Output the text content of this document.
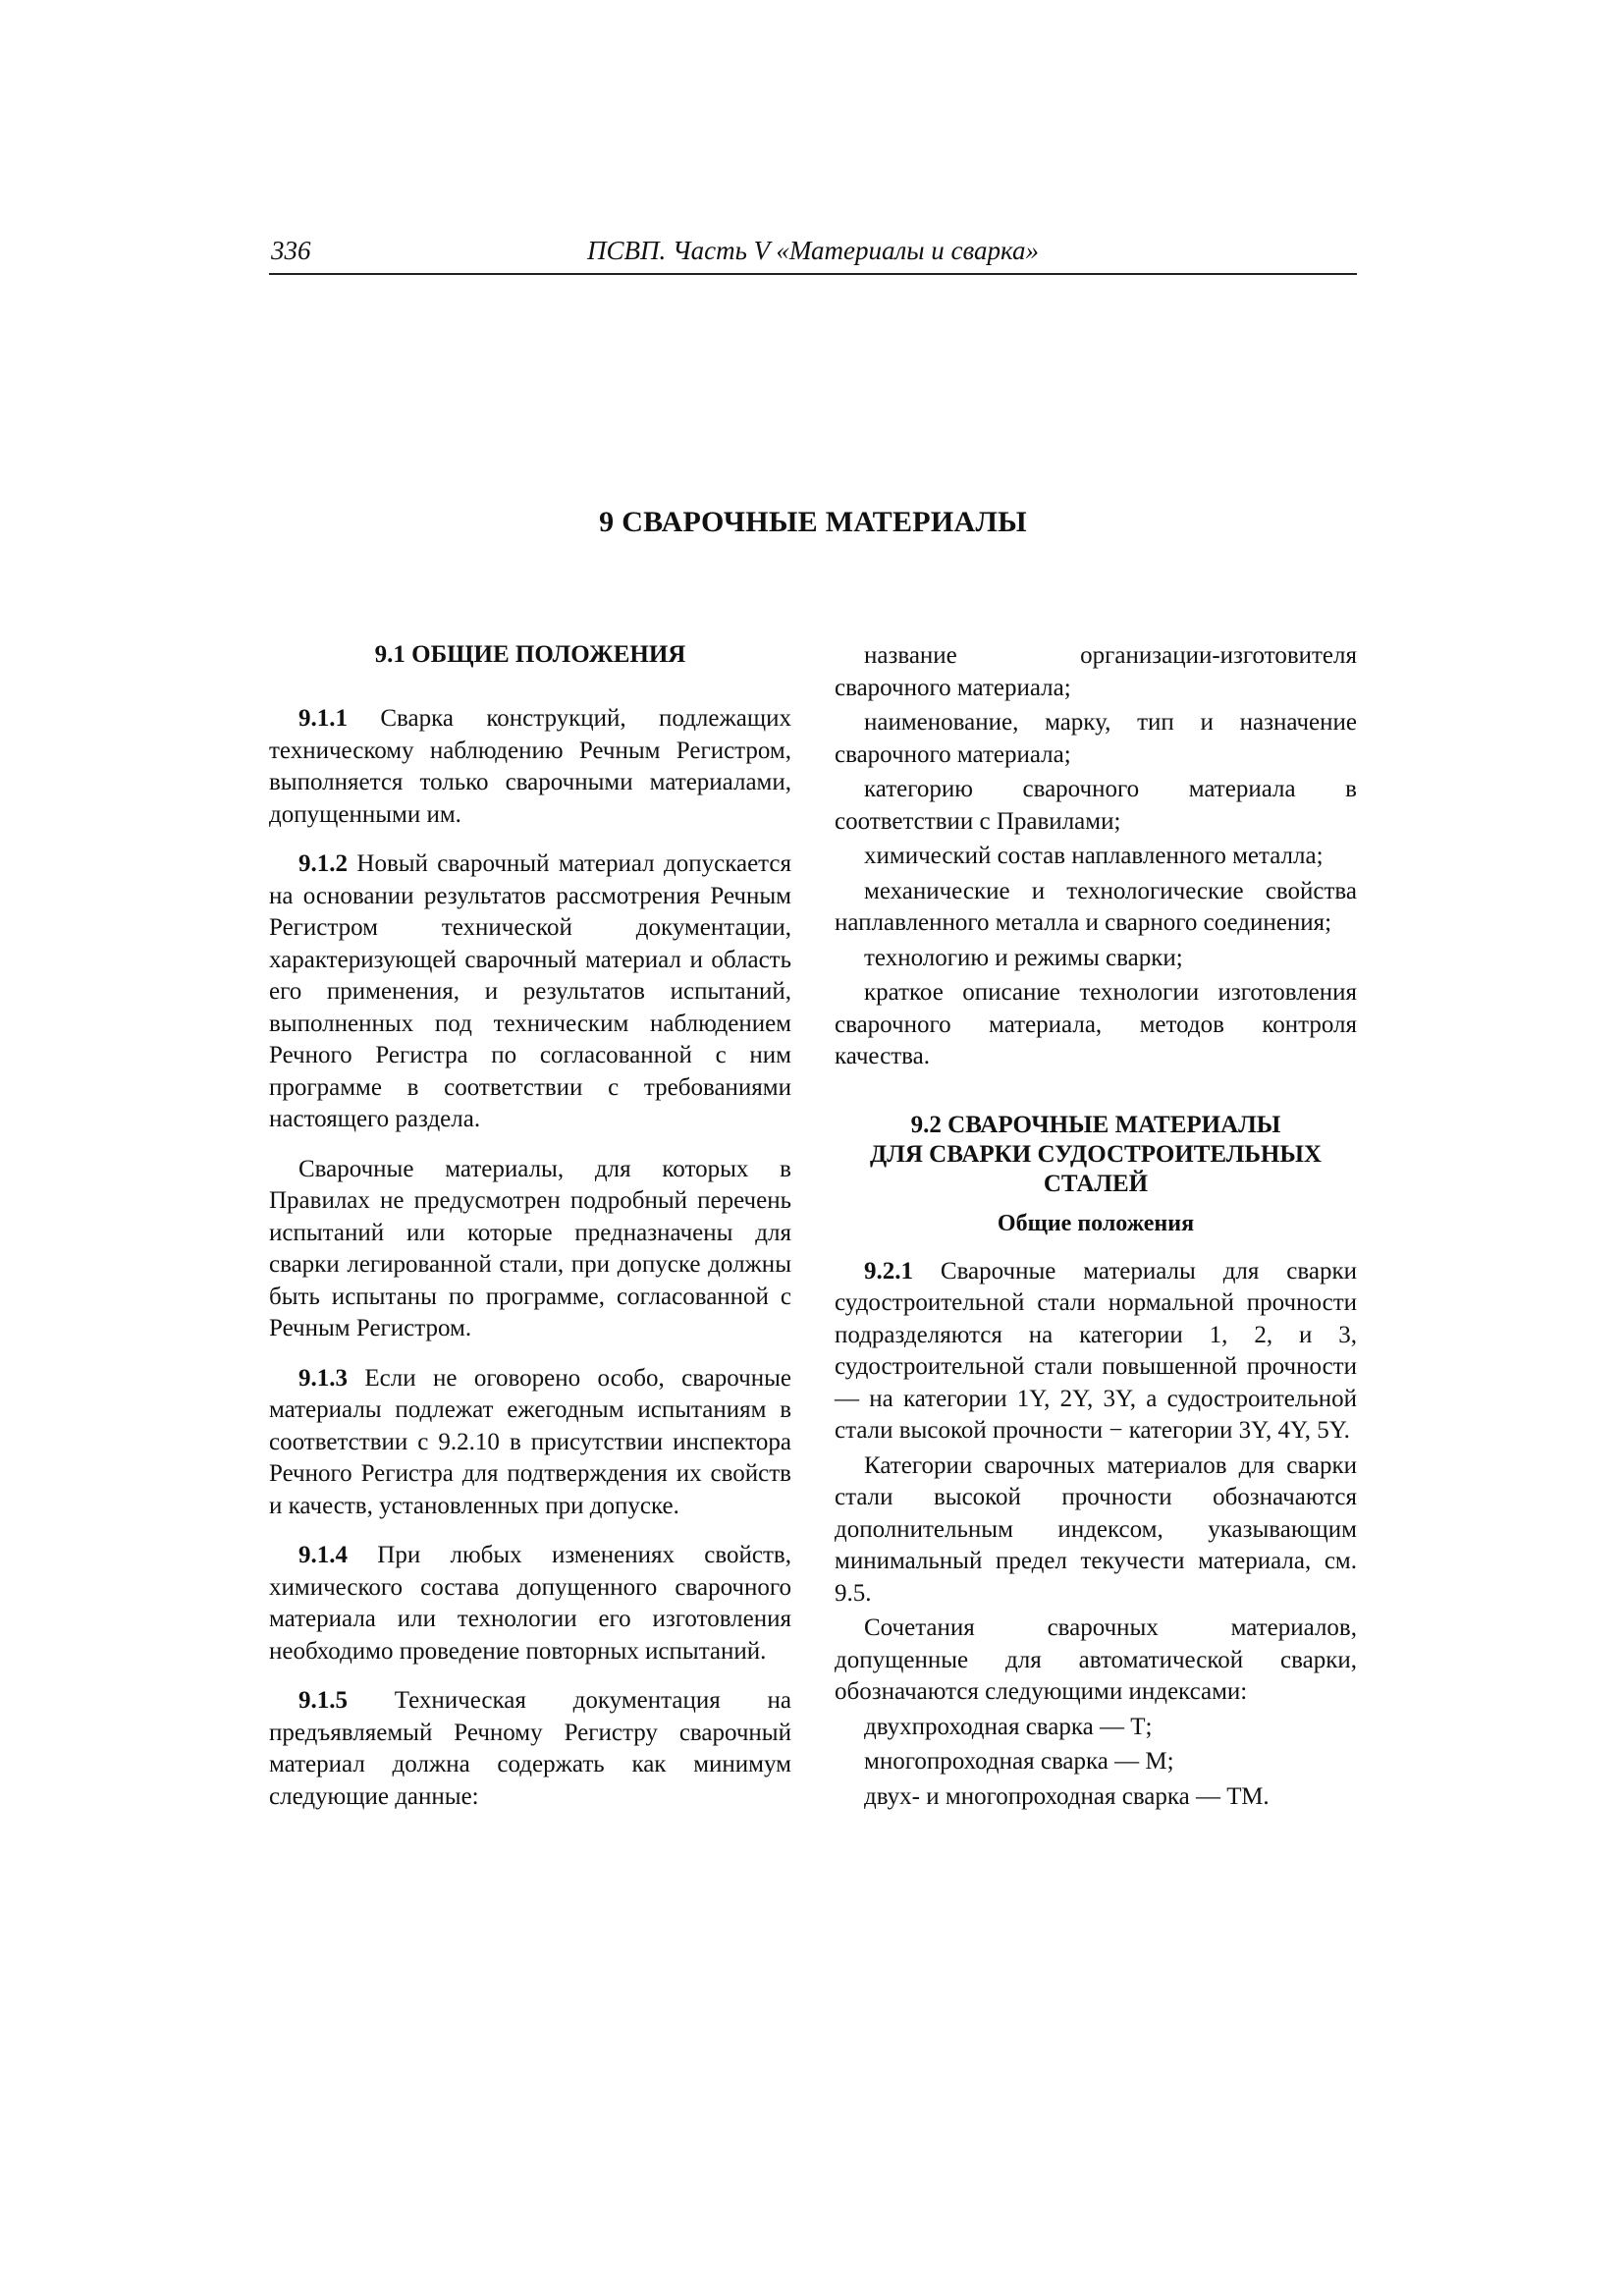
336	ПСВП. Часть V «Материалы и сварка»
9 СВАРОЧНЫЕ МАТЕРИАЛЫ
9.1 ОБЩИЕ ПОЛОЖЕНИЯ

9.1.1 Сварка конструкций, подлежащих техническому наблюдению Речным Регистром, выполняется только сварочными материалами, допущенными им.

9.1.2 Новый сварочный материал допускается на основании результатов рассмотрения Речным Регистром технической документации, характеризующей сварочный материал и область его применения, и результатов испытаний, выполненных под техническим наблюдением Речного Регистра по согласованной с ним программе в соответствии с требованиями настоящего раздела.

Сварочные материалы, для которых в Правилах не предусмотрен подробный перечень испытаний или которые предназначены для сварки легированной стали, при допуске должны быть испытаны по программе, согласованной с Речным Регистром.

9.1.3 Если не оговорено особо, сварочные материалы подлежат ежегодным испытаниям в соответствии с 9.2.10 в присутствии инспектора Речного Регистра для подтверждения их свойств и качеств, установленных при допуске.

9.1.4 При любых изменениях свойств, химического состава допущенного сварочного материала или технологии его изготовления необходимо проведение повторных испытаний.

9.1.5 Техническая документация на предъявляемый Речному Регистру сварочный материал должна содержать как минимум следующие данные:

название организации-изготовителя сварочного материала;

наименование, марку, тип и назначение сварочного материала;

категорию сварочного материала в соответствии с Правилами;

химический состав наплавленного металла;

механические и технологические свойства наплавленного металла и сварного соединения;

технологию и режимы сварки;

краткое описание технологии изготовления сварочного материала, методов контроля качества.

9.2 СВАРОЧНЫЕ МАТЕРИАЛЫ
ДЛЯ СВАРКИ СУДОСТРОИТЕЛЬНЫХ
СТАЛЕЙ
Общие положения

9.2.1 Сварочные материалы для сварки судостроительной стали нормальной прочности подразделяются на категории 1, 2, и 3, судостроительной стали повышенной прочности — на категории 1Y, 2Y, 3Y, а судостроительной стали высокой прочности − категории 3Y, 4Y, 5Y.

Категории сварочных материалов для сварки стали высокой прочности обозначаются дополнительным индексом, указывающим минимальный предел текучести материала, см. 9.5.

Сочетания сварочных материалов, допущенные для автоматической сварки, обозначаются следующими индексами:

двухпроходная сварка — Т;

многопроходная сварка — М;

двух- и многопроходная сварка — ТМ.
